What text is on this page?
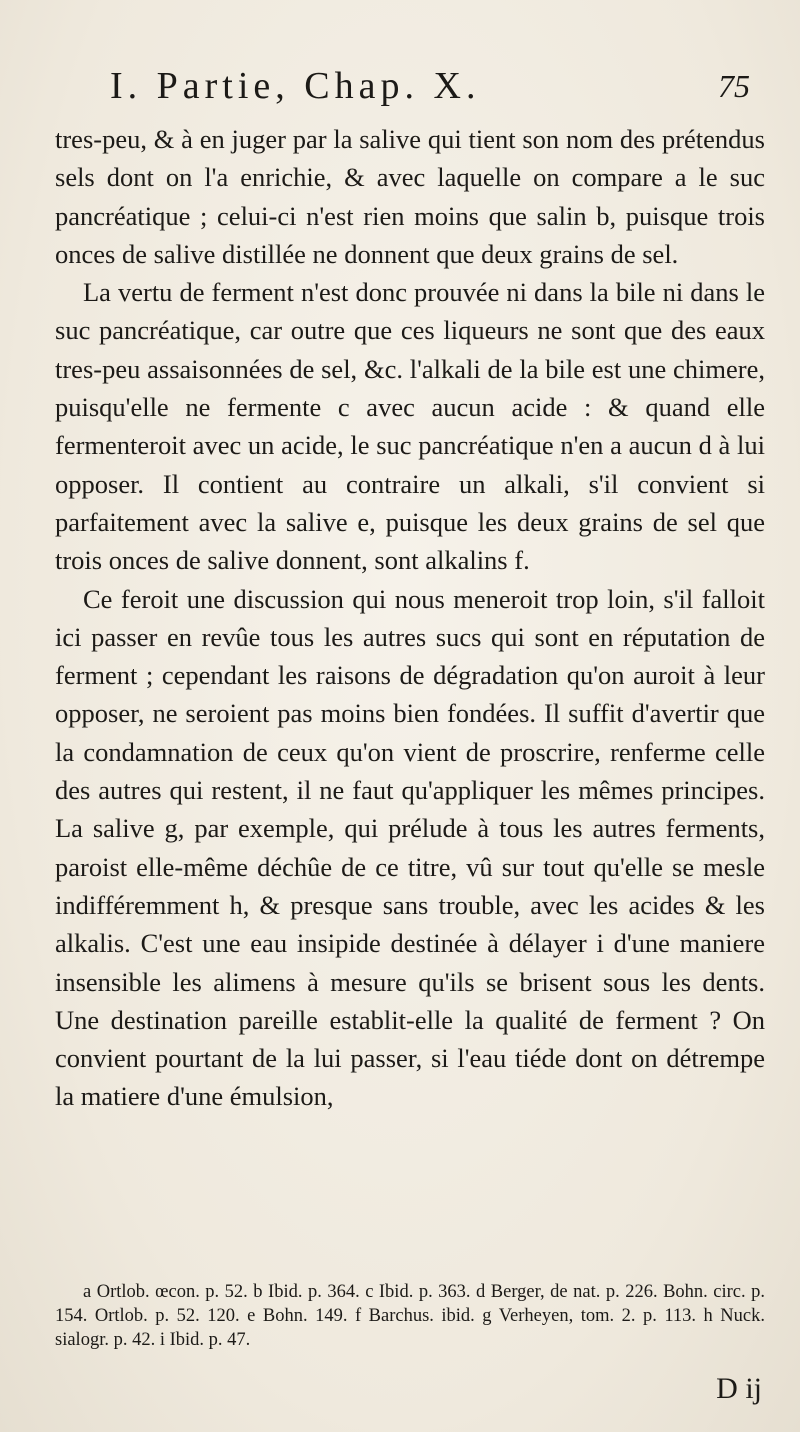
I. Partie, Chap. X.	75

tres-peu, & à en juger par la salive qui tient son nom des prétendus sels dont on l'a enrichie, & avec laquelle on compare a le suc pancréatique ; celui-ci n'est rien moins que salin b, puisque trois onces de salive distillée ne donnent que deux grains de sel.

La vertu de ferment n'est donc prouvée ni dans la bile ni dans le suc pancréatique, car outre que ces liqueurs ne sont que des eaux tres-peu assaisonnées de sel, &c. l'alkali de la bile est une chimere, puisqu'elle ne fermente c avec aucun acide : & quand elle fermenteroit avec un acide, le suc pancréatique n'en a aucun d à lui opposer. Il contient au contraire un alkali, s'il convient si parfaitement avec la salive e, puisque les deux grains de sel que trois onces de salive donnent, sont alkalins f.

Ce feroit une discussion qui nous meneroit trop loin, s'il falloit ici passer en revûe tous les autres sucs qui sont en réputation de ferment ; cependant les raisons de dégradation qu'on auroit à leur opposer, ne seroient pas moins bien fondées. Il suffit d'avertir que la condamnation de ceux qu'on vient de proscrire, renferme celle des autres qui restent, il ne faut qu'appliquer les mêmes principes. La salive g, par exemple, qui prélude à tous les autres ferments, paroist elle-même déchûe de ce titre, vû sur tout qu'elle se mesle indifféremment h, & presque sans trouble, avec les acides & les alkalis. C'est une eau insipide destinée à délayer i d'une maniere insensible les alimens à mesure qu'ils se brisent sous les dents. Une destination pareille establit-elle la qualité de ferment ? On convient pourtant de la lui passer, si l'eau tiéde dont on détrempe la matiere d'une émulsion,

a Ortlob. œcon. p. 52. b Ibid. p. 364. c Ibid. p. 363. d Berger, de nat. p. 226. Bohn. circ. p. 154. Ortlob. p. 52. 120. e Bohn. 149. f Barchus. ibid. g Verheyen, tom. 2. p. 113. h Nuck. sialogr. p. 42. i Ibid. p. 47.

D ij
